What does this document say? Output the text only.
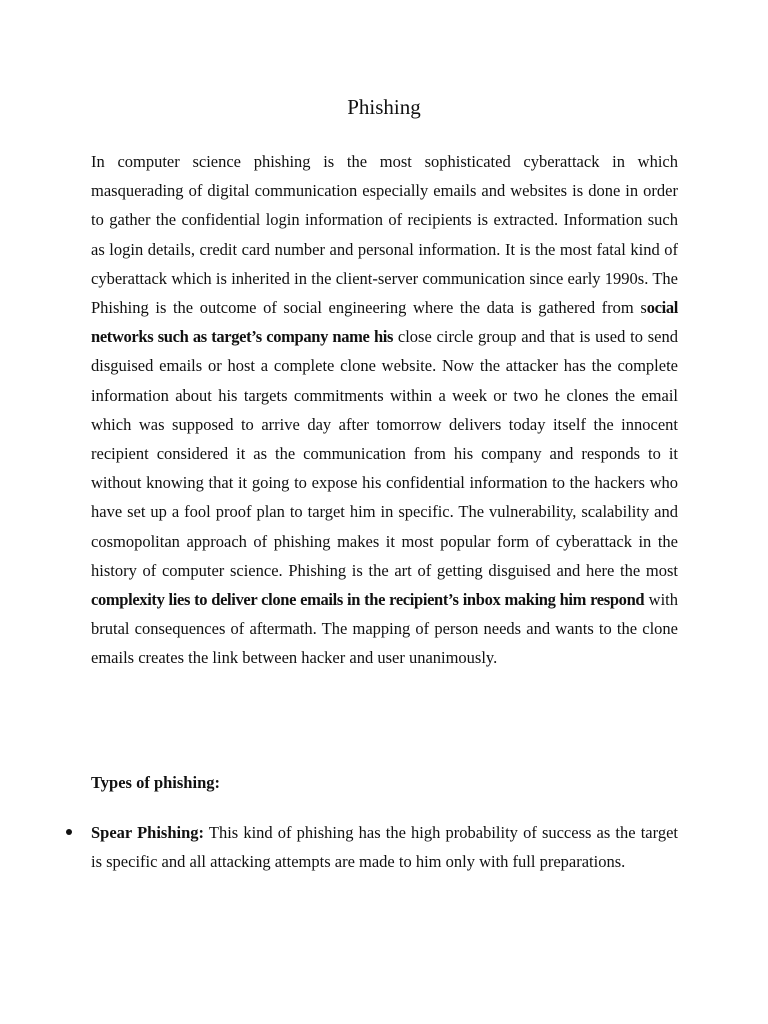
Phishing

In computer science phishing is the most sophisticated cyberattack in which masquerading of digital communication especially emails and websites is done in order to gather the confidential login information of recipients is extracted. Information such as login details, credit card number and personal information. It is the most fatal kind of cyberattack which is inherited in the client-server communication since early 1990s. The Phishing is the outcome of social engineering where the data is gathered from social networks such as target’s company name his close circle group and that is used to send disguised emails or host a complete clone website. Now the attacker has the complete information about his targets commitments within a week or two he clones the email which was supposed to arrive day after tomorrow delivers today itself the innocent recipient considered it as the communication from his company and responds to it without knowing that it going to expose his confidential information to the hackers who have set up a fool proof plan to target him in specific. The vulnerability, scalability and cosmopolitan approach of phishing makes it most popular form of cyberattack in the history of computer science. Phishing is the art of getting disguised and here the most complexity lies to deliver clone emails in the recipient’s inbox making him respond with brutal consequences of aftermath. The mapping of person needs and wants to the clone emails creates the link between hacker and user unanimously.

Types of phishing:

Spear Phishing: This kind of phishing has the high probability of success as the target is specific and all attacking attempts are made to him only with full preparations.
